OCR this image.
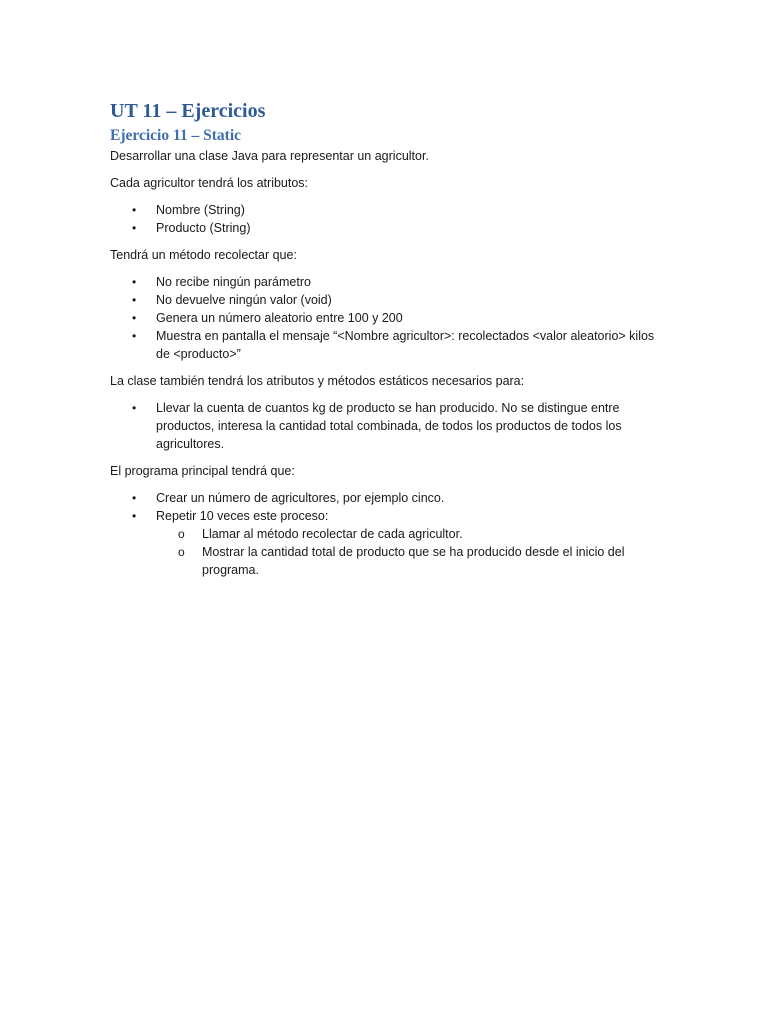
UT 11 – Ejercicios
Ejercicio 11 – Static

Desarrollar una clase Java para representar un agricultor.

Cada agricultor tendrá los atributos:

• Nombre (String)
• Producto (String)

Tendrá un método recolectar que:

• No recibe ningún parámetro
• No devuelve ningún valor (void)
• Genera un número aleatorio entre 100 y 200
• Muestra en pantalla el mensaje “<Nombre agricultor>: recolectados <valor aleatorio> kilos de <producto>”

La clase también tendrá los atributos y métodos estáticos necesarios para:

• Llevar la cuenta de cuantos kg de producto se han producido. No se distingue entre productos, interesa la cantidad total combinada, de todos los productos de todos los agricultores.

El programa principal tendrá que:

• Crear un número de agricultores, por ejemplo cinco.
• Repetir 10 veces este proceso:
o Llamar al método recolectar de cada agricultor.
o Mostrar la cantidad total de producto que se ha producido desde el inicio del programa.
